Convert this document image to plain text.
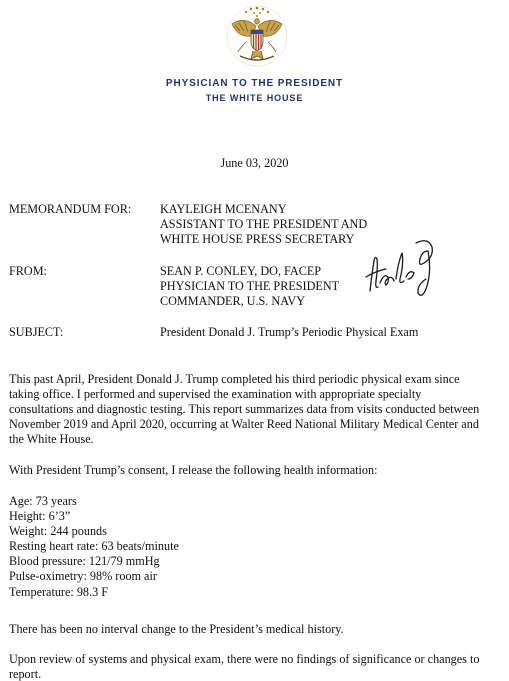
PHYSICIAN TO THE PRESIDENT
THE WHITE HOUSE
June 03, 2020
MEMORANDUM FOR: KAYLEIGH MCENANY
ASSISTANT TO THE PRESIDENT AND
WHITE HOUSE PRESS SECRETARY
FROM:	SEAN P. CONLEY, DO, FACEP
PHYSICIAN TO THE PRESIDENT
COMMANDER, U.S. NAVY
SUBJECT:	President Donald J. Trump’s Periodic Physical Exam
This past April, President Donald J. Trump completed his third periodic physical exam since
taking office. I performed and supervised the examination with appropriate specialty
consultations and diagnostic testing. This report summarizes data from visits conducted between
November 2019 and April 2020, occurring at Walter Reed National Military Medical Center and
the White House.
With President Trump’s consent, I release the following health information:
Age: 73 years
Height: 6’3”
Weight: 244 pounds
Resting heart rate: 63 beats/minute
Blood pressure: 121/79 mmHg
Pulse-oximetry: 98% room air
Temperature: 98.3 F
There has been no interval change to the President’s medical history.
Upon review of systems and physical exam, there were no findings of significance or changes to
report.
